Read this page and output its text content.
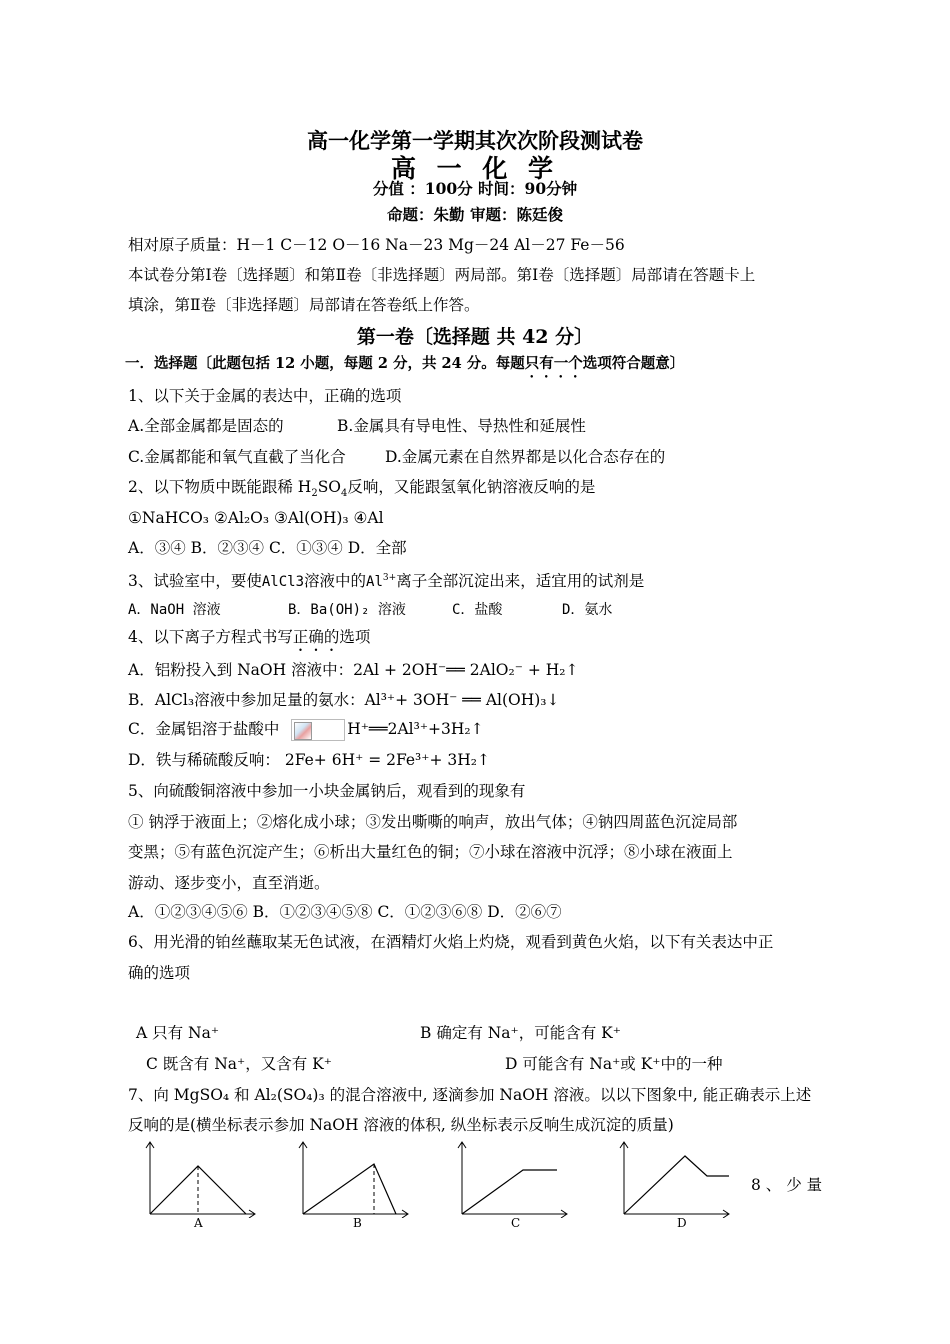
高一化学第一学期其次次阶段测试卷
高 一 化 学
分值 ：100分 时间：90分钟
命题：朱勤 审题：陈廷俊
相对原子质量：H－1 C－12 O－16 Na－23 Mg－24 Al－27 Fe－56
本试卷分第Ⅰ卷〔选择题〕和第Ⅱ卷〔非选择题〕两局部。第Ⅰ卷〔选择题〕局部请在答题卡上
填涂，第Ⅱ卷〔非选择题〕局部请在答卷纸上作答。
第一卷〔选择题 共 42 分〕
一．选择题〔此题包括 12 小题，每题 2 分，共 24 分。每题只有一个选项符合题意〕
1、以下关于金属的表达中，正确的选项
A.全部金属都是固态的	B.金属具有导电性、导热性和延展性
C.金属都能和氧气直截了当化合	D.金属元素在自然界都是以化合态存在的
2、以下物质中既能跟稀 $H_2SO_4$反响，又能跟氢氧化钠溶液反响的是
①NaHCO₃ ②Al₂O₃ ③Al(OH)₃ ④Al
A．③④ B．②③④ C．①③④ D．全部
3、试验室中，要使AlCl3溶液中的$Al^{3+}$离子全部沉淀出来，适宜用的试剂是
A．NaOH 溶液	B．Ba(OH)₂ 溶液	C．盐酸	D．氨水
4、以下离子方程式书写正确的选项
A．铝粉投入到 NaOH 溶液中：2Al + 2OH⁻══ 2AlO₂⁻ + H₂↑
B．AlCl₃溶液中参加足量的氨水：Al³⁺+ 3OH⁻ ══ Al(OH)₃↓
C．金属铝溶于盐酸中	H⁺══2Al³⁺+3H₂↑
D．铁与稀硫酸反响： 2Fe+ 6H⁺ = 2Fe³⁺+ 3H₂↑
5、向硫酸铜溶液中参加一小块金属钠后，观看到的现象有
① 钠浮于液面上；②熔化成小球；③发出嘶嘶的响声，放出气体；④钠四周蓝色沉淀局部
变黑；⑤有蓝色沉淀产生；⑥析出大量红色的铜；⑦小球在溶液中沉浮；⑧小球在液面上
游动、逐步变小，直至消逝。
A．①②③④⑤⑥ B．①②③④⑤⑧ C．①②③⑥⑧ D．②⑥⑦
6、用光滑的铂丝蘸取某无色试液，在酒精灯火焰上灼烧，观看到黄色火焰，以下有关表达中正
确的选项
A 只有 Na⁺	B 确定有 Na⁺，可能含有 K⁺
C 既含有 Na⁺，又含有 K⁺	D 可能含有 Na⁺或 K⁺中的一种
7、向 MgSO₄ 和 Al₂(SO₄)₃ 的混合溶液中, 逐滴参加 NaOH 溶液。以以下图象中, 能正确表示上述
反响的是(横坐标表示参加 NaOH 溶液的体积, 纵坐标表示反响生成沉淀的质量)
A	B	C	D
8 、 少 量
